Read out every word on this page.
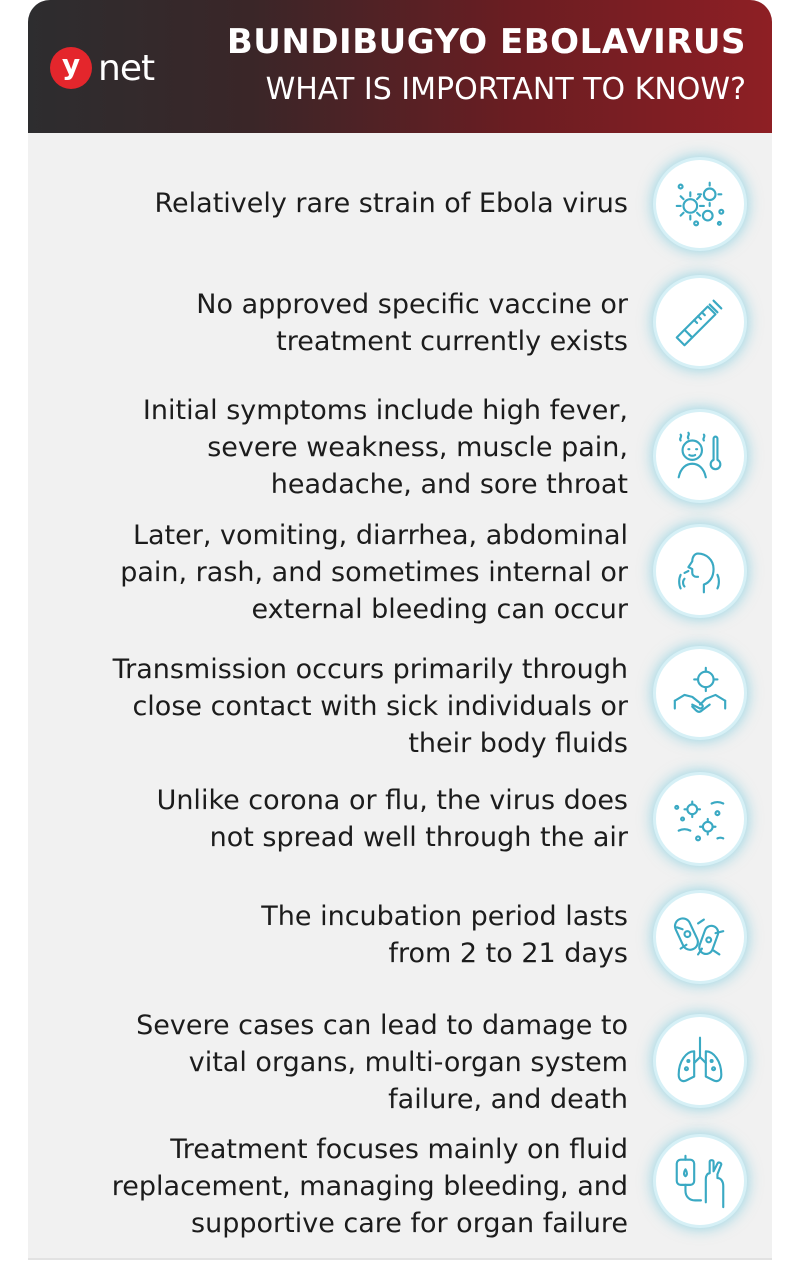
y net
BUNDIBUGYO EBOLAVIRUS
WHAT IS IMPORTANT TO KNOW?
Relatively rare strain of Ebola virus
No approved specific vaccine or
treatment currently exists
Initial symptoms include high fever,
severe weakness, muscle pain,
headache, and sore throat
Later, vomiting, diarrhea, abdominal
pain, rash, and sometimes internal or
external bleeding can occur
Transmission occurs primarily through
close contact with sick individuals or
their body fluids
Unlike corona or flu, the virus does
not spread well through the air
The incubation period lasts
from 2 to 21 days
Severe cases can lead to damage to
vital organs, multi-organ system
failure, and death
Treatment focuses mainly on fluid
replacement, managing bleeding, and
supportive care for organ failure
